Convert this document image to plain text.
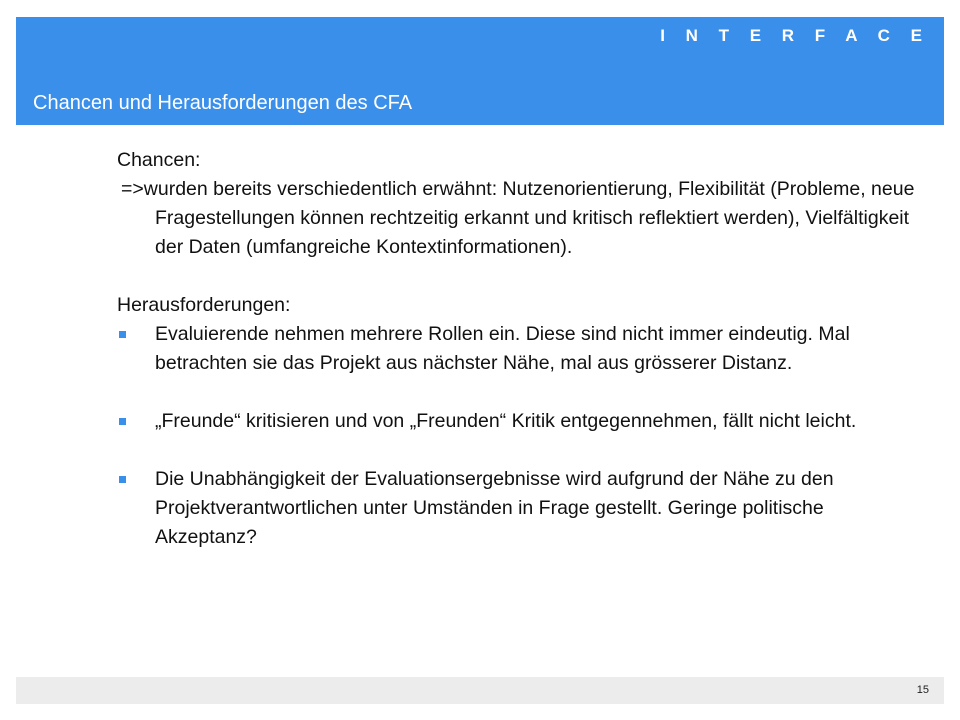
I N T E R F A C E
Chancen und Herausforderungen des CFA

Chancen:

=>wurden bereits verschiedentlich erwähnt: Nutzenorientierung, Flexibilität (Probleme, neue Fragestellungen können rechtzeitig erkannt und kritisch reflektiert werden), Vielfältigkeit der Daten (umfangreiche Kontextinformationen).

Herausforderungen:

Evaluierende nehmen mehrere Rollen ein. Diese sind nicht immer eindeutig. Mal betrachten sie das Projekt aus nächster Nähe, mal aus grösserer Distanz.
„Freunde“ kritisieren und von „Freunden“ Kritik entgegennehmen, fällt nicht leicht.
Die Unabhängigkeit der Evaluationsergebnisse wird aufgrund der Nähe zu den Projektverantwortlichen unter Umständen in Frage gestellt. Geringe politische Akzeptanz?
15
